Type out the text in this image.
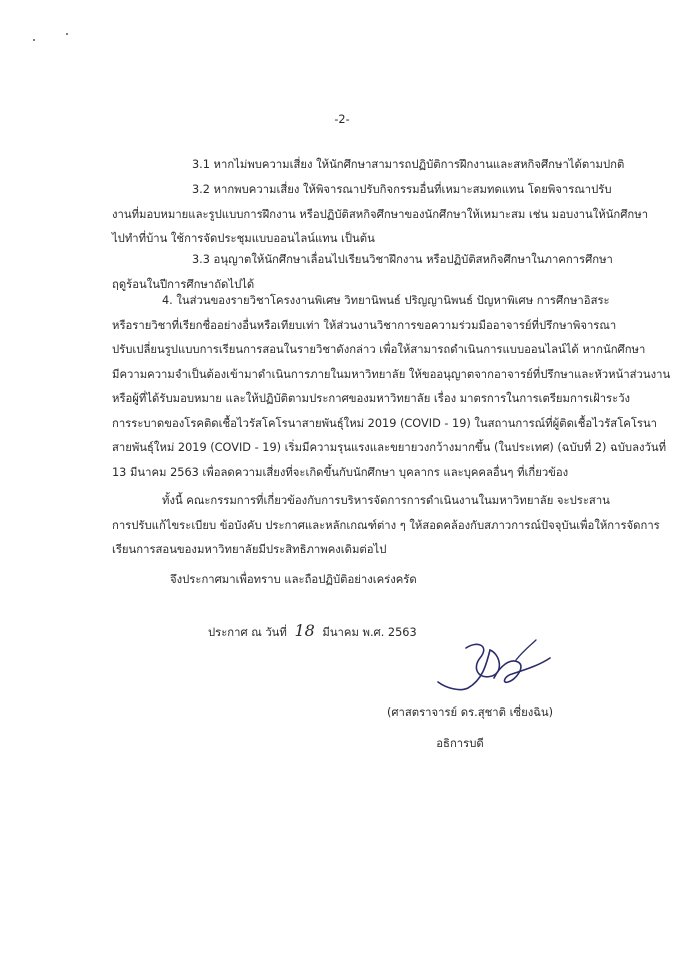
-2-
3.1 หากไม่พบความเสี่ยง ให้นักศึกษาสามารถปฏิบัติการฝึกงานและสหกิจศึกษาได้ตามปกติ
3.2 หากพบความเสี่ยง ให้พิจารณาปรับกิจกรรมอื่นที่เหมาะสมทดแทน โดยพิจารณาปรับ
งานที่มอบหมายและรูปแบบการฝึกงาน หรือปฏิบัติสหกิจศึกษาของนักศึกษาให้เหมาะสม เช่น มอบงานให้นักศึกษา
ไปทำที่บ้าน ใช้การจัดประชุมแบบออนไลน์แทน เป็นต้น
3.3 อนุญาตให้นักศึกษาเลื่อนไปเรียนวิชาฝึกงาน หรือปฏิบัติสหกิจศึกษาในภาคการศึกษา
ฤดูร้อนในปีการศึกษาถัดไปได้
4. ในส่วนของรายวิชาโครงงานพิเศษ วิทยานิพนธ์ ปริญญานิพนธ์ ปัญหาพิเศษ การศึกษาอิสระ
หรือรายวิชาที่เรียกชื่ออย่างอื่นหรือเทียบเท่า ให้ส่วนงานวิชาการขอความร่วมมืออาจารย์ที่ปรึกษาพิจารณา
ปรับเปลี่ยนรูปแบบการเรียนการสอนในรายวิชาดังกล่าว เพื่อให้สามารถดำเนินการแบบออนไลน์ได้ หากนักศึกษา
มีความความจำเป็นต้องเข้ามาดำเนินการภายในมหาวิทยาลัย ให้ขออนุญาตจากอาจารย์ที่ปรึกษาและหัวหน้าส่วนงาน
หรือผู้ที่ได้รับมอบหมาย และให้ปฏิบัติตามประกาศของมหาวิทยาลัย เรื่อง มาตรการในการเตรียมการเฝ้าระวัง
การระบาดของโรคติดเชื้อไวรัสโคโรนาสายพันธุ์ใหม่ 2019 (COVID - 19) ในสถานการณ์ที่ผู้ติดเชื้อไวรัสโคโรนา
สายพันธุ์ใหม่ 2019 (COVID - 19) เริ่มมีความรุนแรงและขยายวงกว้างมากขึ้น (ในประเทศ) (ฉบับที่ 2) ฉบับลงวันที่
13 มีนาคม 2563 เพื่อลดความเสี่ยงที่จะเกิดขึ้นกับนักศึกษา บุคลากร และบุคคลอื่นๆ ที่เกี่ยวข้อง
ทั้งนี้ คณะกรรมการที่เกี่ยวข้องกับการบริหารจัดการการดำเนินงานในมหาวิทยาลัย จะประสาน
การปรับแก้ไขระเบียบ ข้อบังคับ ประกาศและหลักเกณฑ์ต่าง ๆ ให้สอดคล้องกับสภาวการณ์ปัจจุบันเพื่อให้การจัดการ
เรียนการสอนของมหาวิทยาลัยมีประสิทธิภาพคงเดิมต่อไป
จึงประกาศมาเพื่อทราบ และถือปฏิบัติอย่างเคร่งครัด
ประกาศ ณ วันที่ 18 มีนาคม พ.ศ. 2563
(ศาสตราจารย์ ดร.สุชาติ เซี่ยงฉิน)
อธิการบดี
